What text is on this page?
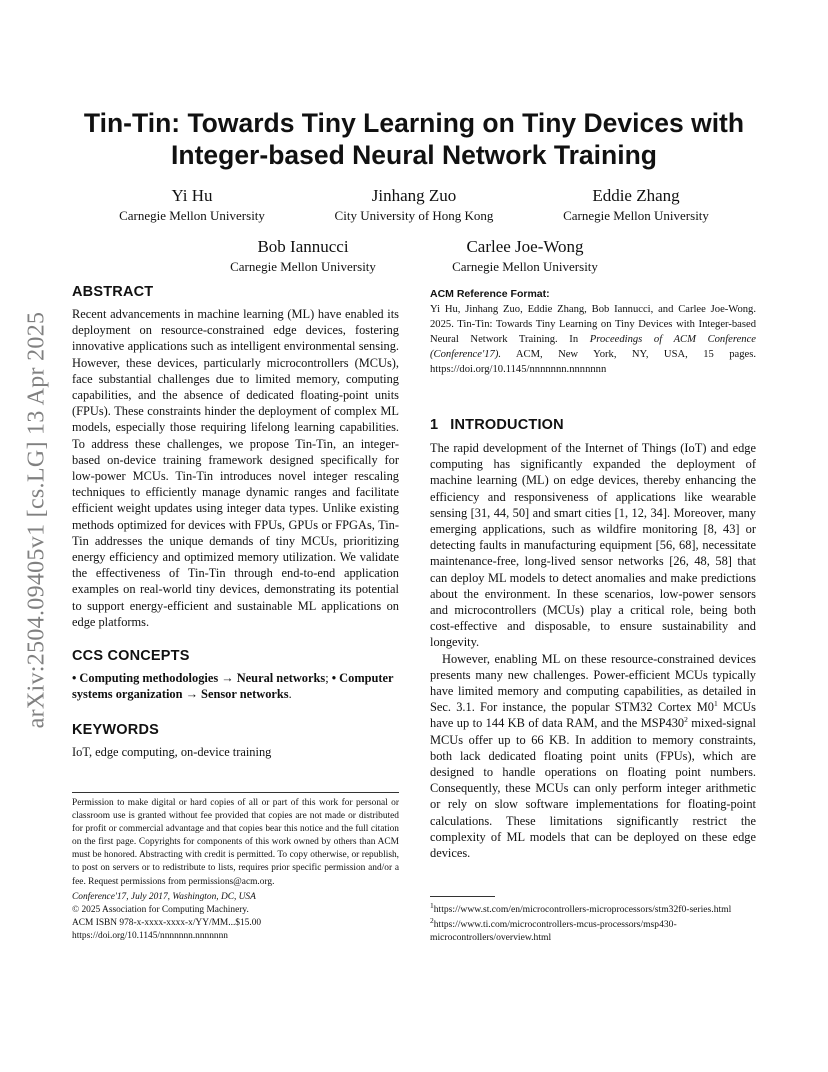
arXiv:2504.09405v1 [cs.LG] 13 Apr 2025
Tin-Tin: Towards Tiny Learning on Tiny Devices with
Integer-based Neural Network Training
Yi Hu
Carnegie Mellon University
Jinhang Zuo
City University of Hong Kong
Eddie Zhang
Carnegie Mellon University
Bob Iannucci
Carnegie Mellon University
Carlee Joe-Wong
Carnegie Mellon University
ABSTRACT

Recent advancements in machine learning (ML) have enabled its deployment on resource-constrained edge devices, fostering innovative applications such as intelligent environmental sensing. However, these devices, particularly microcontrollers (MCUs), face substantial challenges due to limited memory, computing capabilities, and the absence of dedicated floating-point units (FPUs). These constraints hinder the deployment of complex ML models, especially those requiring lifelong learning capabilities. To address these challenges, we propose Tin-Tin, an integer-based on-device training framework designed specifically for low-power MCUs. Tin-Tin introduces novel integer rescaling techniques to efficiently manage dynamic ranges and facilitate efficient weight updates using integer data types. Unlike existing methods optimized for devices with FPUs, GPUs or FPGAs, Tin-Tin addresses the unique demands of tiny MCUs, prioritizing energy efficiency and optimized memory utilization. We validate the effectiveness of Tin-Tin through end-to-end application examples on real-world tiny devices, demonstrating its potential to support energy-efficient and sustainable ML applications on edge platforms.

CCS CONCEPTS
• Computing methodologies → Neural networks; • Computer systems organization → Sensor networks.
KEYWORDS

IoT, edge computing, on-device training

Permission to make digital or hard copies of all or part of this work for personal or classroom use is granted without fee provided that copies are not made or distributed for profit or commercial advantage and that copies bear this notice and the full citation on the first page. Copyrights for components of this work owned by others than ACM must be honored. Abstracting with credit is permitted. To copy otherwise, or republish, to post on servers or to redistribute to lists, requires prior specific permission and/or a fee. Request permissions from permissions@acm.org.

Conference'17, July 2017, Washington, DC, USA

© 2025 Association for Computing Machinery.

ACM ISBN 978-x-xxxx-xxxx-x/YY/MM...$15.00

https://doi.org/10.1145/nnnnnnn.nnnnnnn

ACM Reference Format:

Yi Hu, Jinhang Zuo, Eddie Zhang, Bob Iannucci, and Carlee Joe-Wong. 2025. Tin-Tin: Towards Tiny Learning on Tiny Devices with Integer-based Neural Network Training. In Proceedings of ACM Conference (Conference'17). ACM, New York, NY, USA, 15 pages. https://doi.org/10.1145/nnnnnnn.nnnnnnn

1 INTRODUCTION

The rapid development of the Internet of Things (IoT) and edge computing has significantly expanded the deployment of machine learning (ML) on edge devices, thereby enhancing the efficiency and responsiveness of applications like wearable sensing [31, 44, 50] and smart cities [1, 12, 34]. Moreover, many emerging applications, such as wildfire monitoring [8, 43] or detecting faults in manufacturing equipment [56, 68], necessitate maintenance-free, long-lived sensor networks [26, 48, 58] that can deploy ML models to detect anomalies and make predictions about the environment. In these scenarios, low-power sensors and microcontrollers (MCUs) play a critical role, being both cost-effective and disposable, to ensure sustainability and longevity.

However, enabling ML on these resource-constrained devices presents many new challenges. Power-efficient MCUs typically have limited memory and computing capabilities, as detailed in Sec. 3.1. For instance, the popular STM32 Cortex $M0^1$ MCUs have up to 144 KB of data RAM, and the $MSP430^2$ mixed-signal MCUs offer up to 66 KB. In addition to memory constraints, both lack dedicated floating point units (FPUs), which are designed to handle operations on floating point numbers. Consequently, these MCUs can only perform integer arithmetic or rely on slow software implementations for floating-point calculations. These limitations significantly restrict the complexity of ML models that can be deployed on these edge devices.

$^1$https://www.st.com/en/microcontrollers-microprocessors/stm32f0-series.html
$^2$https://www.ti.com/microcontrollers-mcus-processors/msp430-microcontrollers/overview.html
